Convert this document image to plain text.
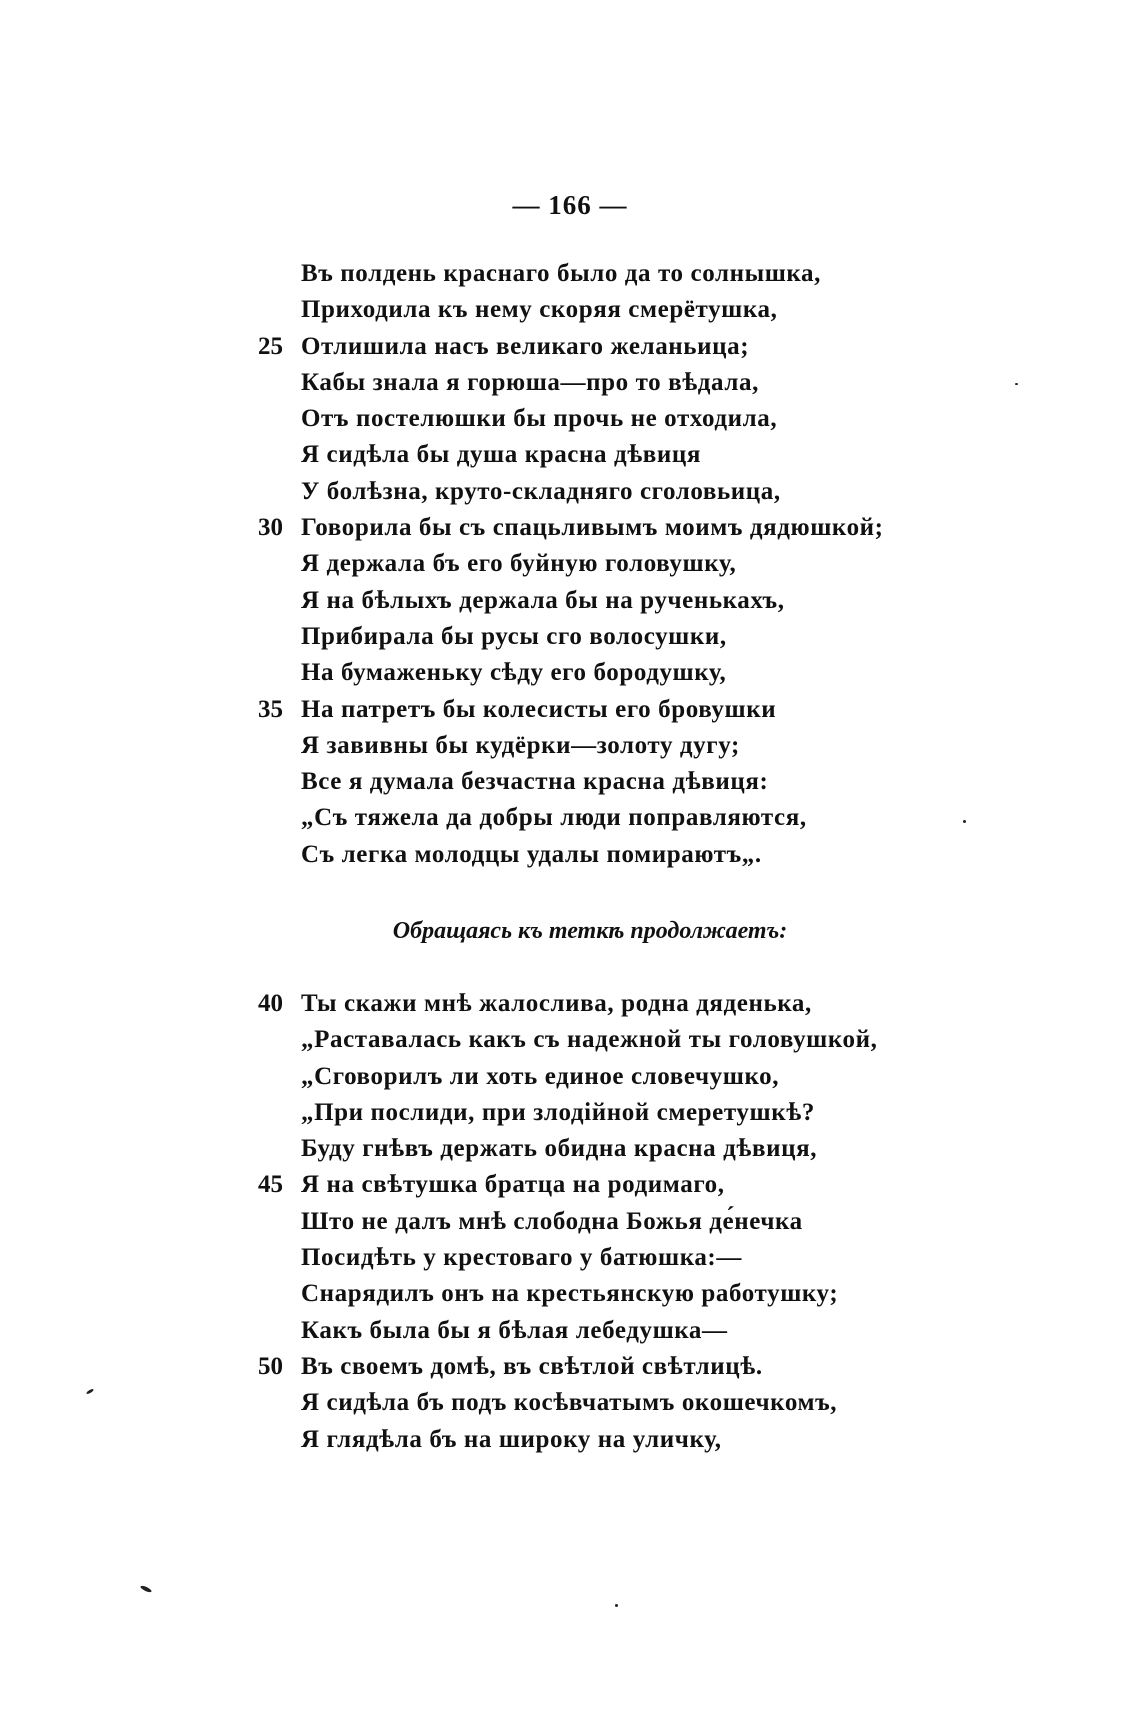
— 166 —
Въ полдень краснаго было да то солнышка,
Приходила къ нему скоряя смерётушка,
25 Отлишила насъ великаго желаньица;
Кабы знала я горюша—про то вѣдала,
Отъ постелюшки бы прочь не отходила,
Я сидѣла бы душа красна дѣвиця
У болѣзна, круто-складняго сголовьица,
30 Говорила бы съ спацьливымъ моимъ дядюшкой;
Я держала бъ его буйную головушку,
Я на бѣлыхъ держала бы на рученькахъ,
Прибирала бы русы сго волосушки,
На бумаженьку сѣду его бородушку,
35 На патретъ бы колесисты его бровушки
Я завивны бы кудёрки—золоту дугу;
Все я думала безчастна красна дѣвиця:
„Съ тяжела да добры люди поправляются,
Съ легка молодцы удалы помираютъ„.
Обращаясь къ теткѣ продолжаетъ:
40 Ты скажи мнѣ жалослива, родна дяденька,
„Раставалась какъ съ надежной ты головушкой,
„Сговорилъ ли хоть единое словечушко,
„При послиди, при злодійной смеретушкѣ?
Буду гнѣвъ держать обидна красна дѣвиця,
45 Я на свѣтушка братца на родимаго,
Што не далъ мнѣ слободна Божья де́нечка
Посидѣть у крестоваго у батюшка:—
Снарядилъ онъ на крестьянскую работушку;
Какъ была бы я бѣлая лебедушка—
50 Въ своемъ домѣ, въ свѣтлой свѣтлицѣ.
Я сидѣла бъ подъ косѣвчатымъ окошечкомъ,
Я глядѣла бъ на широку на уличку,
